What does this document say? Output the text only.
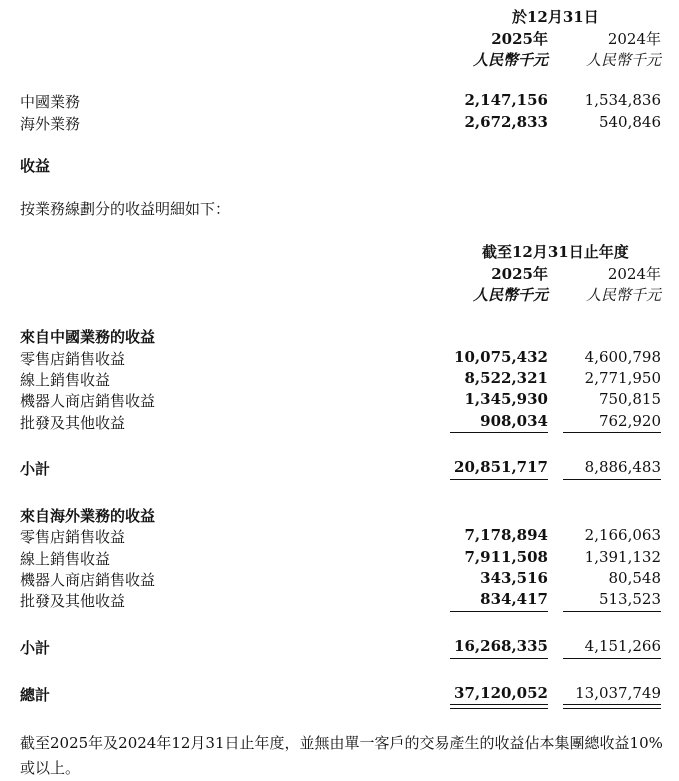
於12月31日
2025年	2024年
人民幣千元	人民幣千元
中國業務	2,147,156 1,534,836
海外業務	2,672,833	540,846
收益
按業務線劃分的收益明細如下：
截至12月31日止年度
2025年	2024年
人民幣千元	人民幣千元
來自中國業務的收益
零售店銷售收益	10,075,432 4,600,798
線上銷售收益	8,522,321 2,771,950
機器人商店銷售收益	1,345,930	750,815
批發及其他收益	908,034	762,920
小計	20,851,717 8,886,483
來自海外業務的收益
零售店銷售收益	7,178,894 2,166,063
線上銷售收益	7,911,508 1,391,132
機器人商店銷售收益	343,516	80,548
批發及其他收益	834,417	513,523
小計	16,268,335 4,151,266
總計	37,120,052 13,037,749
截至2025年及2024年12月31日止年度，並無由單一客戶的交易產生的收益佔本集團總收益10%或以上。
